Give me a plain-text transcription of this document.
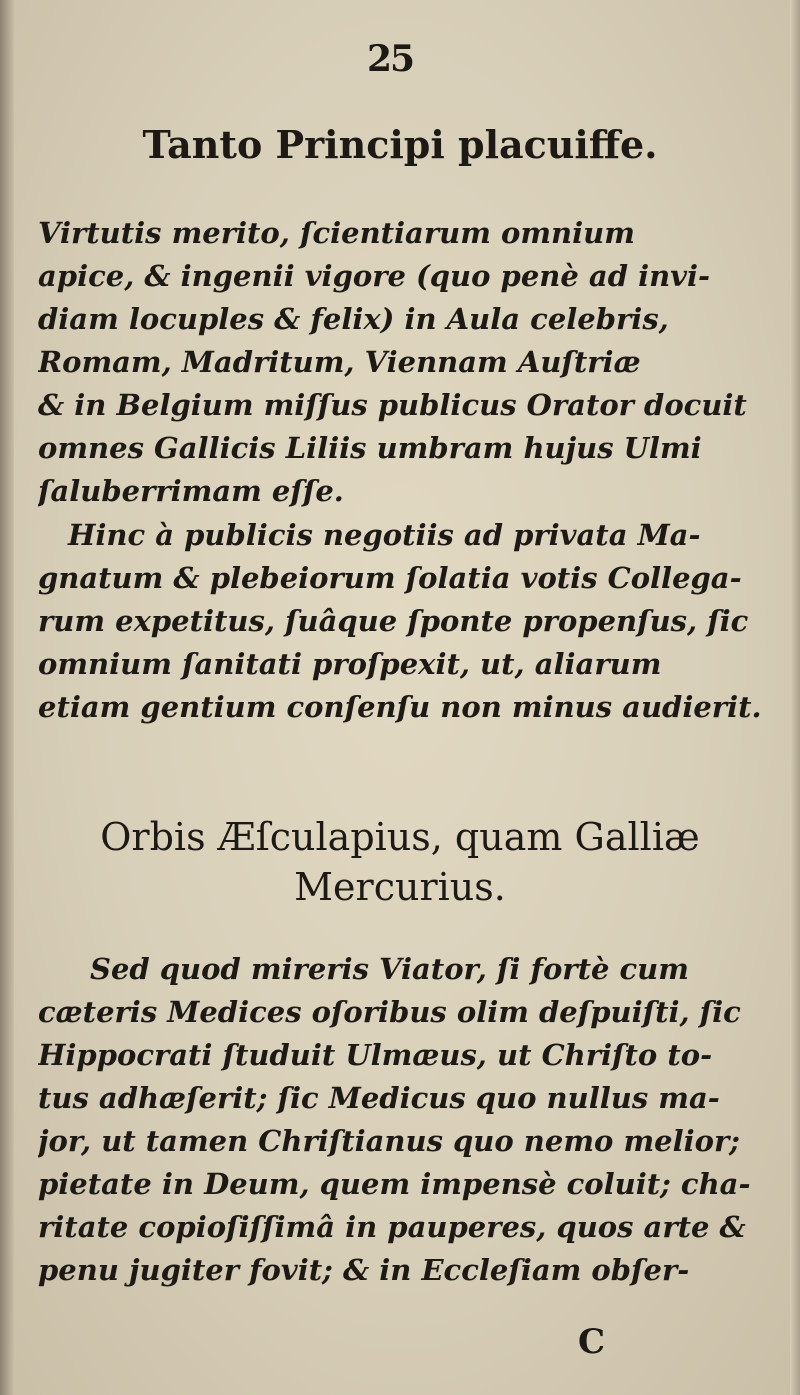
25
Tanto Principi placuiffe.
Virtutis merito, ſcientiarum omnium
apice, & ingenii vigore (quo penè ad invi-
diam locuples & felix) in Aula celebris,
Romam, Madritum, Viennam Auſtriæ
& in Belgium miſſus publicus Orator docuit
omnes Gallicis Liliis umbram hujus Ulmi
ſaluberrimam eſſe.
Hinc à publicis negotiis ad privata Ma-
gnatum & plebeiorum ſolatia votis Collega-
rum expetitus, ſuâque ſponte propenſus, ſic
omnium ſanitati proſpexit, ut, aliarum
etiam gentium conſenſu non minus audierit.
Orbis Æſculapius, quam Galliæ
Mercurius.
Sed quod mireris Viator, ſi fortè cum
cæteris Medices oſoribus olim deſpuiſti, ſic
Hippocrati ſtuduit Ulmæus, ut Chriſto to-
tus adhæſerit; ſic Medicus quo nullus ma-
jor, ut tamen Chriſtianus quo nemo melior;
pietate in Deum, quem impensè coluit; cha-
ritate copioſiſſimâ in pauperes, quos arte &
penu jugiter fovit; & in Eccleſiam obſer-
C
